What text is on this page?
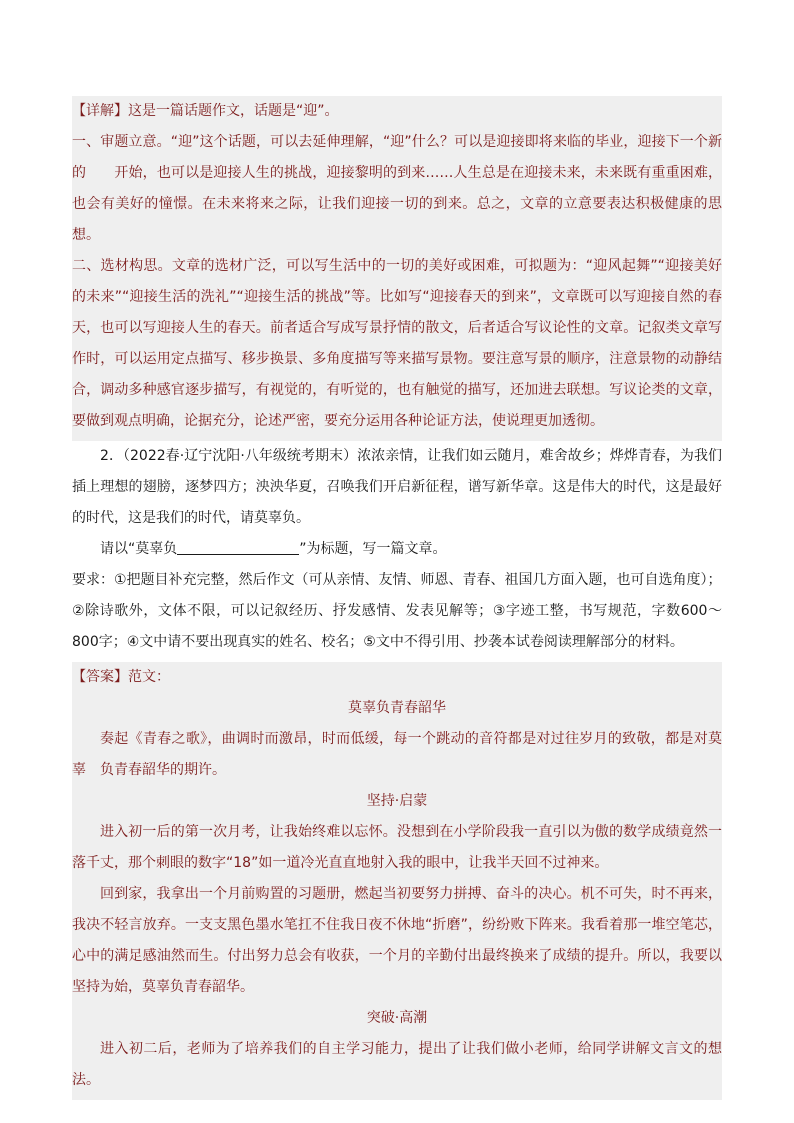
【详解】这是一篇话题作文，话题是“迎”。

一、审题立意。“迎”这个话题，可以去延伸理解，“迎”什么？可以是迎接即将来临的毕业，迎接下一个新的　　开始，也可以是迎接人生的挑战，迎接黎明的到来……人生总是在迎接未来，未来既有重重困难，也会有美好的憧憬。在未来将来之际，让我们迎接一切的到来。总之，文章的立意要表达积极健康的思想。

二、选材构思。文章的选材广泛，可以写生活中的一切的美好或困难，可拟题为：“迎风起舞”“迎接美好的未来”“迎接生活的洗礼”“迎接生活的挑战”等。比如写“迎接春天的到来”，文章既可以写迎接自然的春天，也可以写迎接人生的春天。前者适合写成写景抒情的散文，后者适合写议论性的文章。记叙类文章写作时，可以运用定点描写、移步换景、多角度描写等来描写景物。要注意写景的顺序，注意景物的动静结合，调动多种感官逐步描写，有视觉的，有听觉的，也有触觉的描写，还加进去联想。写议论类的文章，要做到观点明确，论据充分，论述严密，要充分运用各种论证方法，使说理更加透彻。

2．（2022春·辽宁沈阳·八年级统考期末）浓浓亲情，让我们如云随月，难舍故乡；烨烨青春，为我们插上理想的翅膀，逐梦四方；泱泱华夏，召唤我们开启新征程，谱写新华章。这是伟大的时代，这是最好的时代，这是我们的时代，请莫辜负。

请以“莫辜负	”为标题，写一篇文章。

要求：①把题目补充完整，然后作文（可从亲情、友情、师恩、青春、祖国几方面入题，也可自选角度）；

②除诗歌外，文体不限，可以记叙经历、抒发感情、发表见解等；③字迹工整，书写规范，字数600～800字；④文中请不要出现真实的姓名、校名；⑤文中不得引用、抄袭本试卷阅读理解部分的材料。

【答案】范文：

莫辜负青春韶华

奏起《青春之歌》，曲调时而激昂，时而低缓，每一个跳动的音符都是对过往岁月的致敬，都是对莫辜　负青春韶华的期许。

坚持·启蒙

进入初一后的第一次月考，让我始终难以忘怀。没想到在小学阶段我一直引以为傲的数学成绩竟然一　　　落千丈，那个刺眼的数字“18”如一道冷光直直地射入我的眼中，让我半天回不过神来。

回到家，我拿出一个月前购置的习题册，燃起当初要努力拼搏、奋斗的决心。机不可失，时不再来，我决不轻言放弃。一支支黑色墨水笔扛不住我日夜不休地“折磨”，纷纷败下阵来。我看着那一堆空笔芯，心中的满足感油然而生。付出努力总会有收获，一个月的辛勤付出最终换来了成绩的提升。所以，我要以坚持为始，莫辜负青春韶华。

突破·高潮

进入初二后，老师为了培养我们的自主学习能力，提出了让我们做小老师，给同学讲解文言文的想法。
